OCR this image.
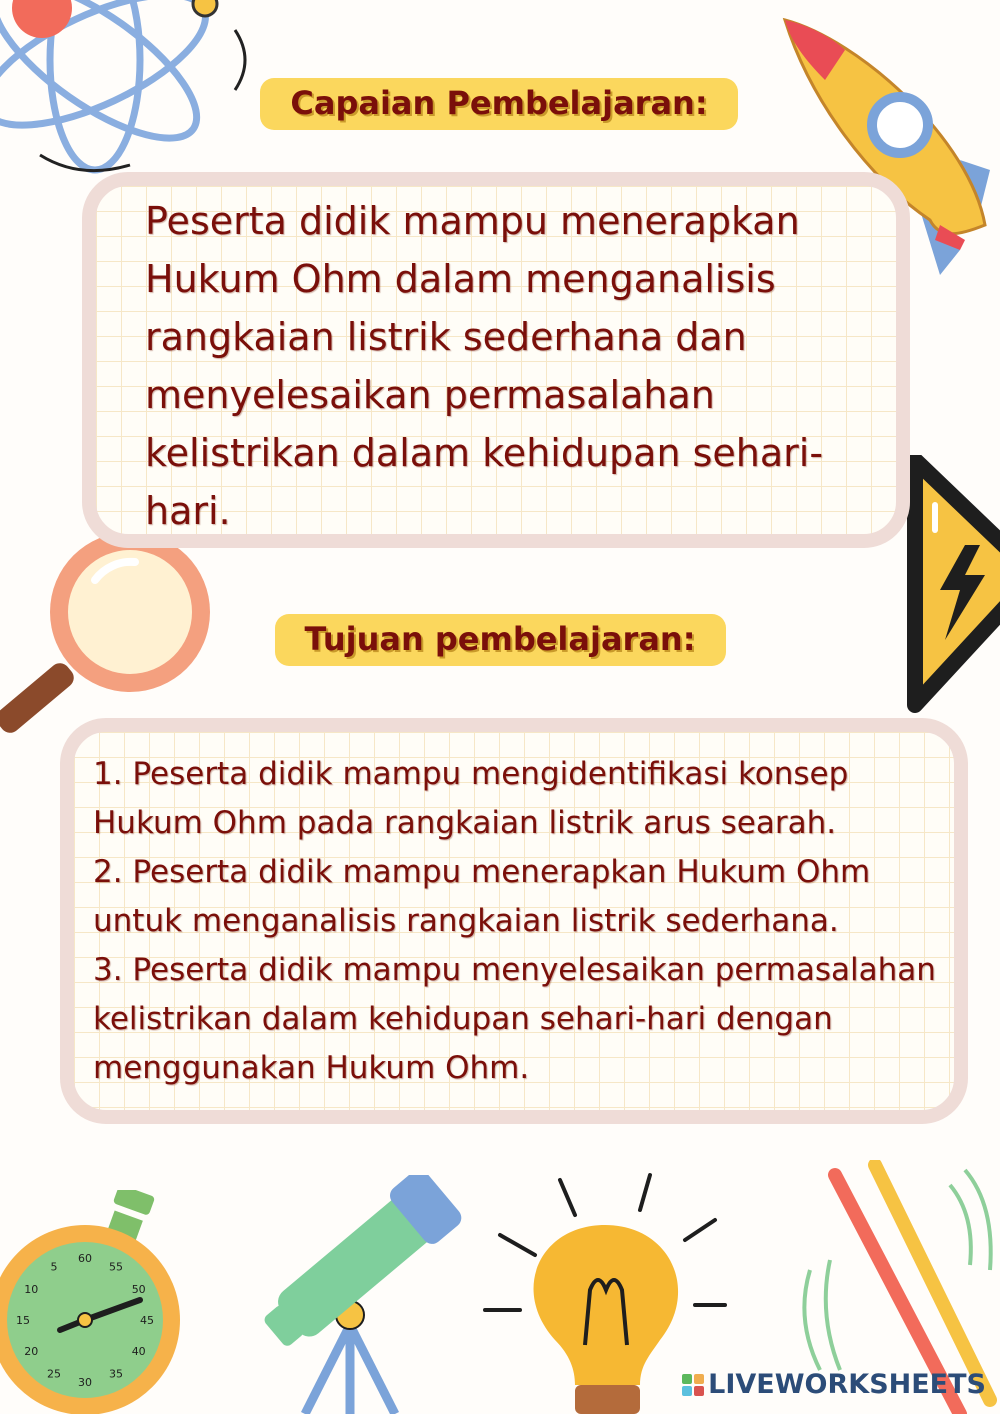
Capaian Pembelajaran:
Peserta didik mampu menerapkan Hukum Ohm dalam menganalisis rangkaian listrik sederhana dan menyelesaikan permasalahan kelistrikan dalam kehidupan sehari-hari.
Tujuan pembelajaran:
1. Peserta didik mampu mengidentifikasi konsep Hukum Ohm pada rangkaian listrik arus searah.
2. Peserta didik mampu menerapkan Hukum Ohm untuk menganalisis rangkaian listrik sederhana.
3. Peserta didik mampu menyelesaikan permasalahan kelistrikan dalam kehidupan sehari-hari dengan menggunakan Hukum Ohm.
60
55
50
45
40
35
30
25
20
15
10
5
LIVEWORKSHEETS
